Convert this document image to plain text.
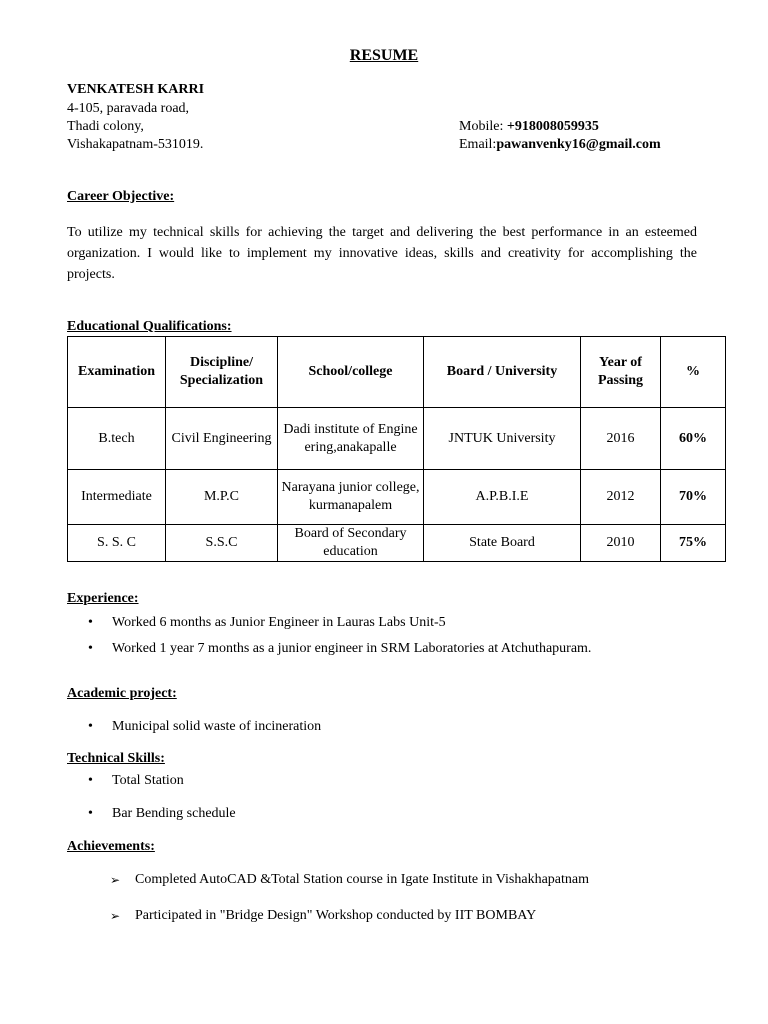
RESUME
VENKATESH KARRI
4-105, paravada road,
Thadi colony,
Vishakapatnam-531019.
Mobile: +918008059935
Email:pawanvenky16@gmail.com
Career Objective:
To utilize my technical skills for achieving the target and delivering the best performance in an esteemed organization. I would like to implement my innovative ideas, skills and creativity for accomplishing the projects.
Educational Qualifications:
Examination	Discipline/ Specialization	School/college	Board / University	Year of Passing	%
B.tech	Civil Engineering	Dadi institute of Engineering,anakapalle	JNTUK University	2016	60%
Intermediate	M.P.C	Narayana junior college, kurmanapalem	A.P.B.I.E	2012	70%
S. S. C	S.S.C	Board of Secondary education	State Board	2010	75%
Experience:
• Worked 6 months as Junior Engineer in Lauras Labs Unit-5
• Worked 1 year 7 months as a junior engineer in SRM Laboratories at Atchuthapuram.
Academic project:
• Municipal solid waste of incineration
Technical Skills:
• Total Station
• Bar Bending schedule
Achievements:
➢ Completed AutoCAD &Total Station course in Igate Institute in Vishakhapatnam
➢ Participated in "Bridge Design" Workshop conducted by IIT BOMBAY
